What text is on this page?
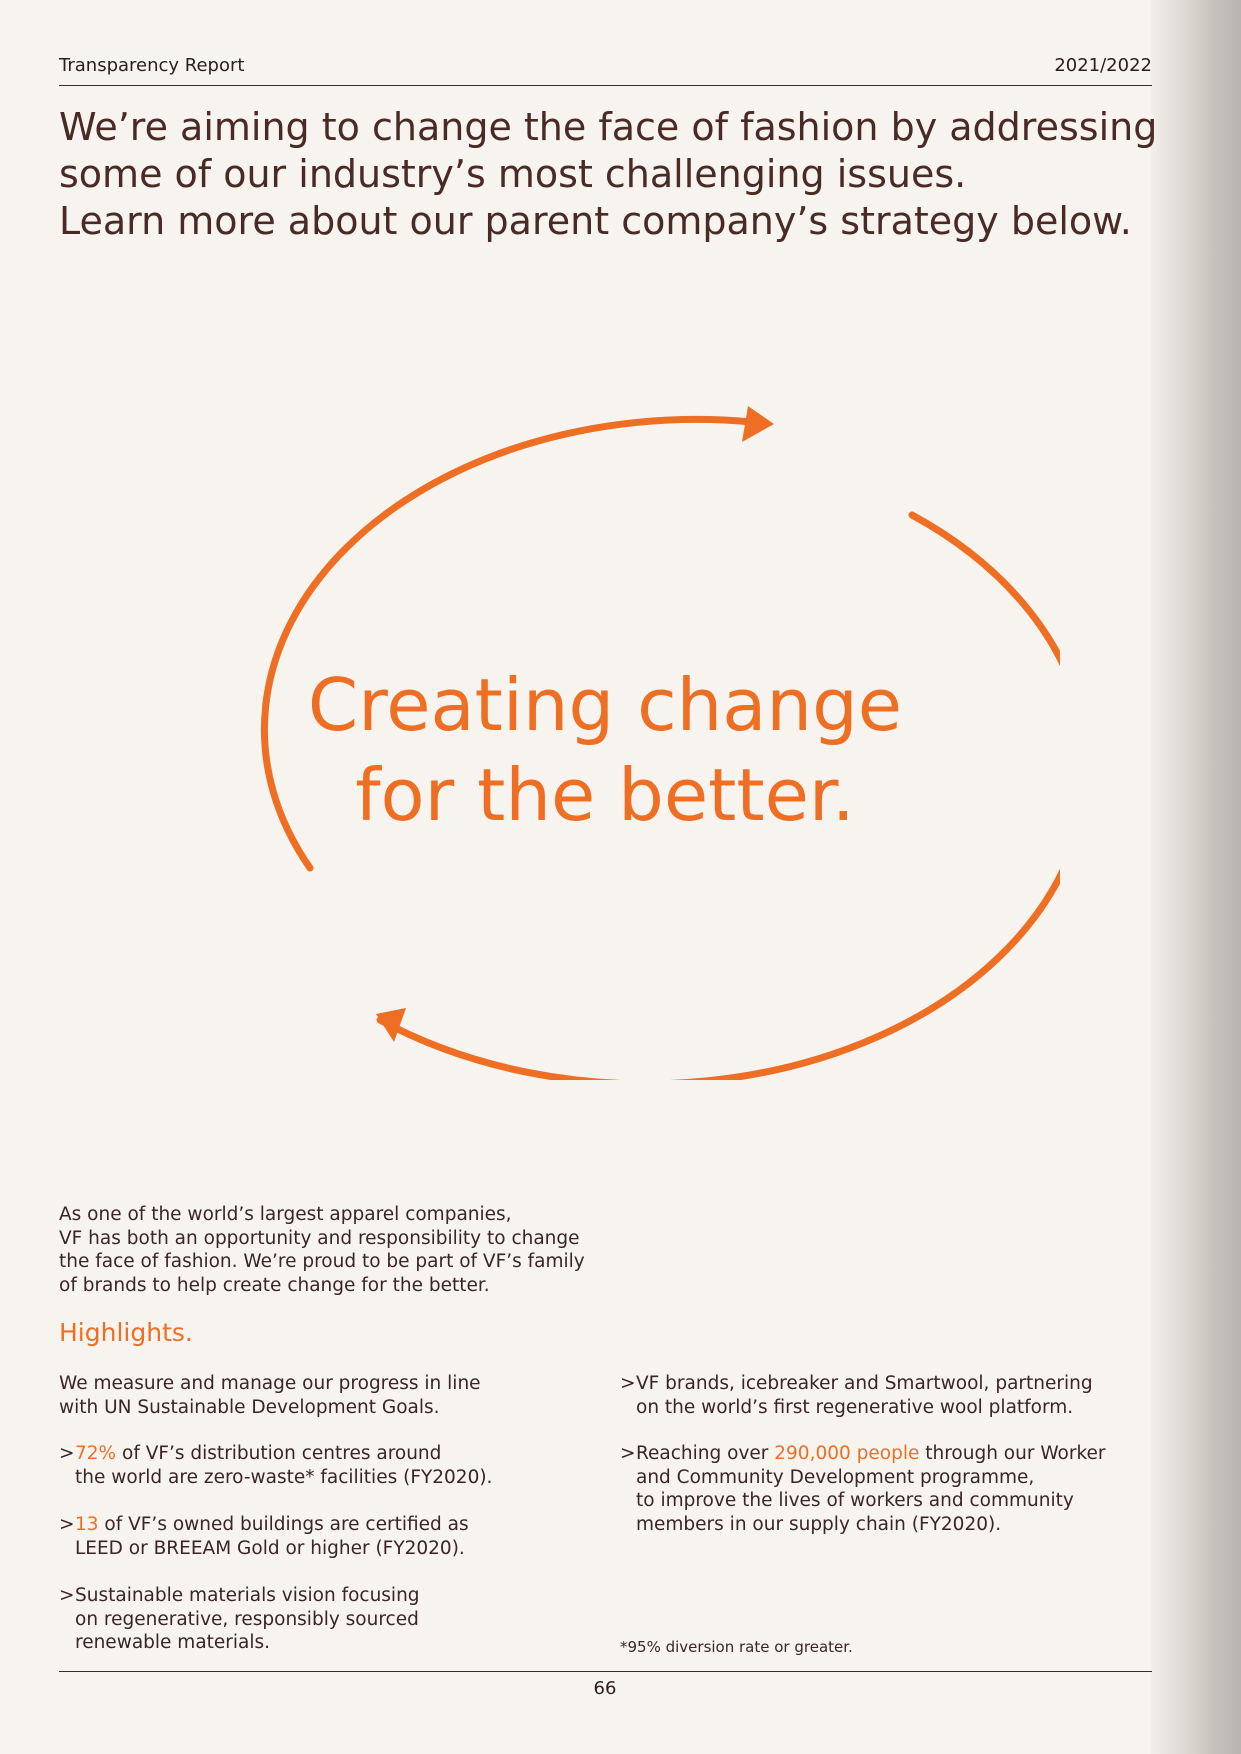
Transparency Report	2021/2022
We’re aiming to change the face of fashion by addressing
some of our industry’s most challenging issues.
Learn more about our parent company’s strategy below.
Creating change
for the better.

As one of the world’s largest apparel companies,
VF has both an opportunity and responsibility to change
the face of fashion. We’re proud to be part of VF’s family
of brands to help create change for the better.

Highlights.

We measure and manage our progress in line
with UN Sustainable Development Goals.

> 72% of VF’s distribution centres around
the world are zero-waste* facilities (FY2020).

> 13 of VF’s owned buildings are certified as
LEED or BREEAM Gold or higher (FY2020).

> Sustainable materials vision focusing
on regenerative, responsibly sourced
renewable materials.

> VF brands, icebreaker and Smartwool, partnering
on the world’s first regenerative wool platform.

> Reaching over 290,000 people through our Worker
and Community Development programme,
to improve the lives of workers and community
members in our supply chain (FY2020).

*95% diversion rate or greater.
66
